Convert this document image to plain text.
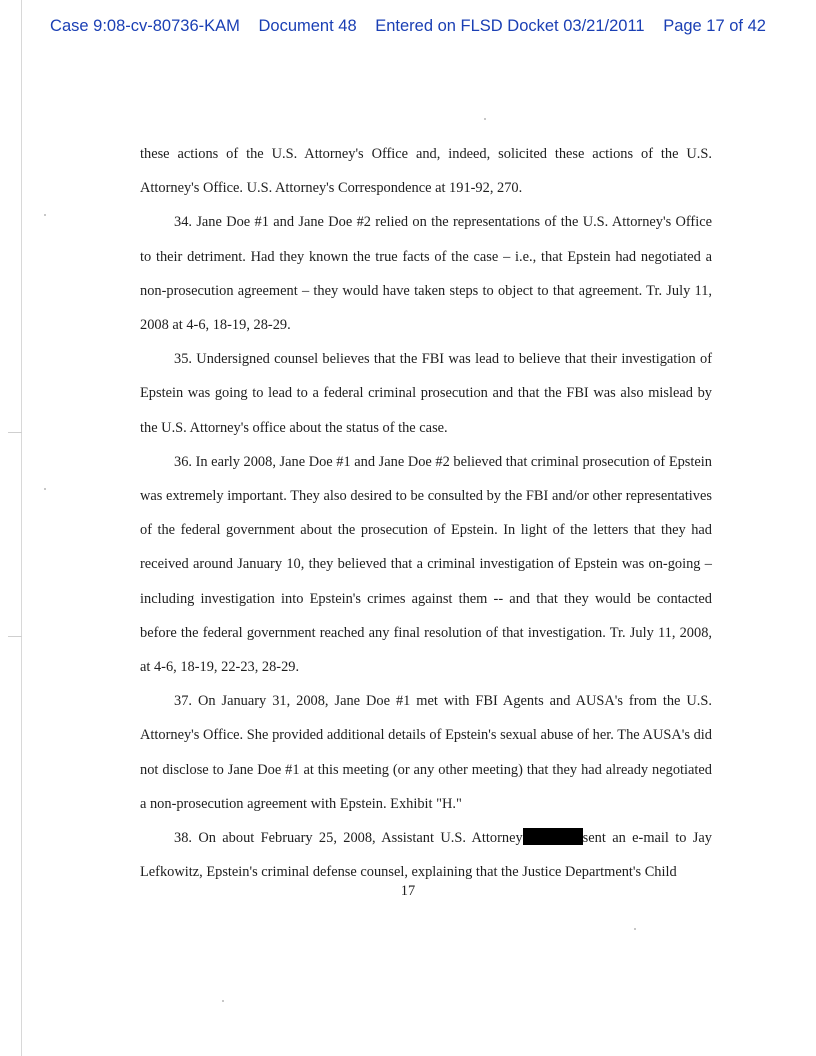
Case 9:08-cv-80736-KAM Document 48 Entered on FLSD Docket 03/21/2011 Page 17 of 42

these actions of the U.S. Attorney's Office and, indeed, solicited these actions of the U.S. Attorney's Office. U.S. Attorney's Correspondence at 191-92, 270.

34. Jane Doe #1 and Jane Doe #2 relied on the representations of the U.S. Attorney's Office to their detriment. Had they known the true facts of the case – i.e., that Epstein had negotiated a non-prosecution agreement – they would have taken steps to object to that agreement. Tr. July 11, 2008 at 4-6, 18-19, 28-29.

35. Undersigned counsel believes that the FBI was lead to believe that their investigation of Epstein was going to lead to a federal criminal prosecution and that the FBI was also mislead by the U.S. Attorney's office about the status of the case.

36. In early 2008, Jane Doe #1 and Jane Doe #2 believed that criminal prosecution of Epstein was extremely important. They also desired to be consulted by the FBI and/or other representatives of the federal government about the prosecution of Epstein. In light of the letters that they had received around January 10, they believed that a criminal investigation of Epstein was on-going – including investigation into Epstein's crimes against them -- and that they would be contacted before the federal government reached any final resolution of that investigation. Tr. July 11, 2008, at 4-6, 18-19, 22-23, 28-29.

37. On January 31, 2008, Jane Doe #1 met with FBI Agents and AUSA's from the U.S. Attorney's Office. She provided additional details of Epstein's sexual abuse of her. The AUSA's did not disclose to Jane Doe #1 at this meeting (or any other meeting) that they had already negotiated a non-prosecution agreement with Epstein. Exhibit "H."

38. On about February 25, 2008, Assistant U.S. Attorney	sent an e-mail to Jay Lefkowitz, Epstein's criminal defense counsel, explaining that the Justice Department's Child

17
